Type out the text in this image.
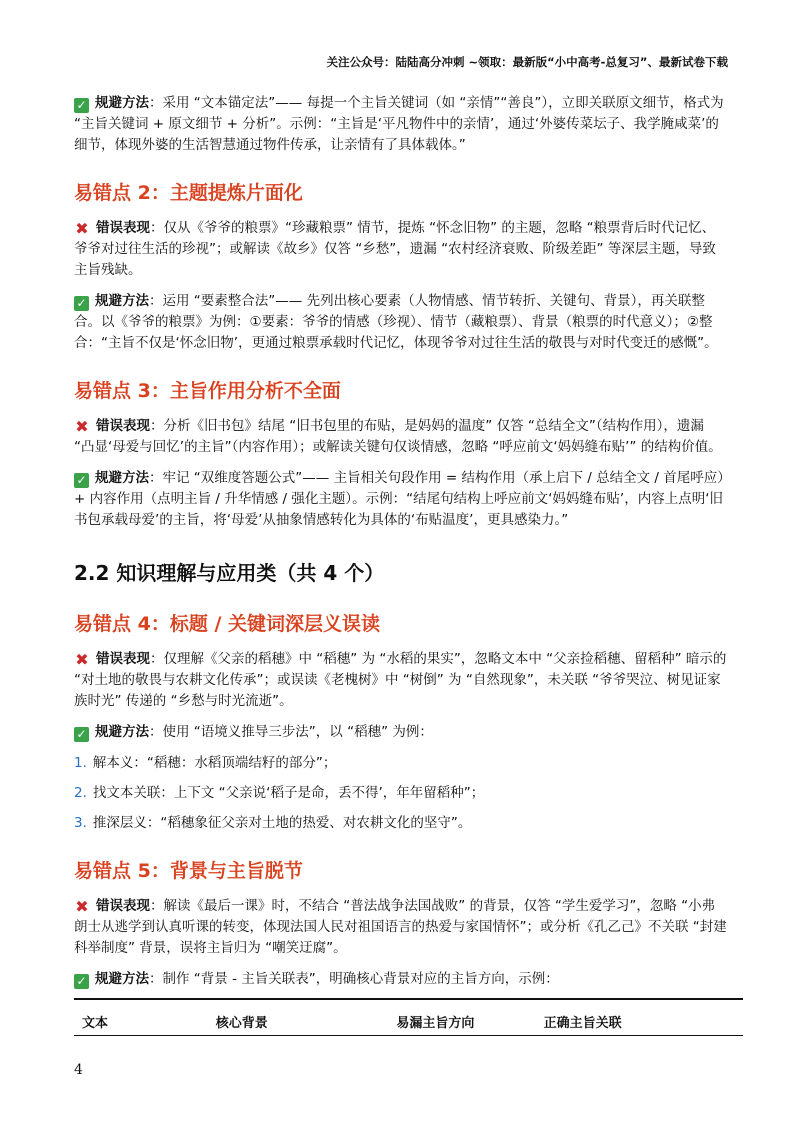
关注公众号：陆陆高分冲刺 ~领取：最新版“小中高考-总复习”、最新试卷下载

✓ 规避方法：采用 “文本锚定法”—— 每提一个主旨关键词（如 “亲情”“善良”），立即关联原文细节，格式为 “主旨关键词 + 原文细节 + 分析”。示例：“主旨是‘平凡物件中的亲情’，通过‘外婆传菜坛子、我学腌咸菜’的细节，体现外婆的生活智慧通过物件传承，让亲情有了具体载体。”

易错点 2：主题提炼片面化

✖ 错误表现：仅从《爷爷的粮票》“珍藏粮票” 情节，提炼 “怀念旧物” 的主题，忽略 “粮票背后时代记忆、爷爷对过往生活的珍视”；或解读《故乡》仅答 “乡愁”，遗漏 “农村经济衰败、阶级差距” 等深层主题，导致主旨残缺。

✓ 规避方法：运用 “要素整合法”—— 先列出核心要素（人物情感、情节转折、关键句、背景），再关联整合。以《爷爷的粮票》为例：①要素：爷爷的情感（珍视）、情节（藏粮票）、背景（粮票的时代意义）；②整合：“主旨不仅是‘怀念旧物’，更通过粮票承载时代记忆，体现爷爷对过往生活的敬畏与对时代变迁的感慨”。

易错点 3：主旨作用分析不全面

✖ 错误表现：分析《旧书包》结尾 “旧书包里的布贴，是妈妈的温度” 仅答 “总结全文”（结构作用），遗漏 “凸显‘母爱与回忆’的主旨”（内容作用）；或解读关键句仅谈情感，忽略 “呼应前文‘妈妈缝布贴’” 的结构价值。

✓ 规避方法：牢记 “双维度答题公式”—— 主旨相关句段作用 = 结构作用（承上启下 / 总结全文 / 首尾呼应）+ 内容作用（点明主旨 / 升华情感 / 强化主题）。示例：“结尾句结构上呼应前文‘妈妈缝布贴’，内容上点明‘旧书包承载母爱’的主旨，将‘母爱’从抽象情感转化为具体的‘布贴温度’，更具感染力。”

2.2 知识理解与应用类（共 4 个）
易错点 4：标题 / 关键词深层义误读

✖ 错误表现：仅理解《父亲的稻穗》中 “稻穗” 为 “水稻的果实”，忽略文本中 “父亲捡稻穗、留稻种” 暗示的 “对土地的敬畏与农耕文化传承”；或误读《老槐树》中 “树倒” 为 “自然现象”，未关联 “爷爷哭泣、树见证家族时光” 传递的 “乡愁与时光流逝”。

✓ 规避方法：使用 “语境义推导三步法”，以 “稻穗” 为例：

1. 解本义：“稻穗：水稻顶端结籽的部分”；
2. 找文本关联：上下文 “父亲说‘稻子是命，丢不得’，年年留稻种”；
3. 推深层义：“稻穗象征父亲对土地的热爱、对农耕文化的坚守”。
易错点 5：背景与主旨脱节

✖ 错误表现：解读《最后一课》时，不结合 “普法战争法国战败” 的背景，仅答 “学生爱学习”，忽略 “小弗朗士从逃学到认真听课的转变，体现法国人民对祖国语言的热爱与家国情怀”；或分析《孔乙己》不关联 “封建科举制度” 背景，误将主旨归为 “嘲笑迂腐”。

✓ 规避方法：制作 “背景 - 主旨关联表”，明确核心背景对应的主旨方向，示例：

文本	核心背景	易漏主旨方向	正确主旨关联
4
